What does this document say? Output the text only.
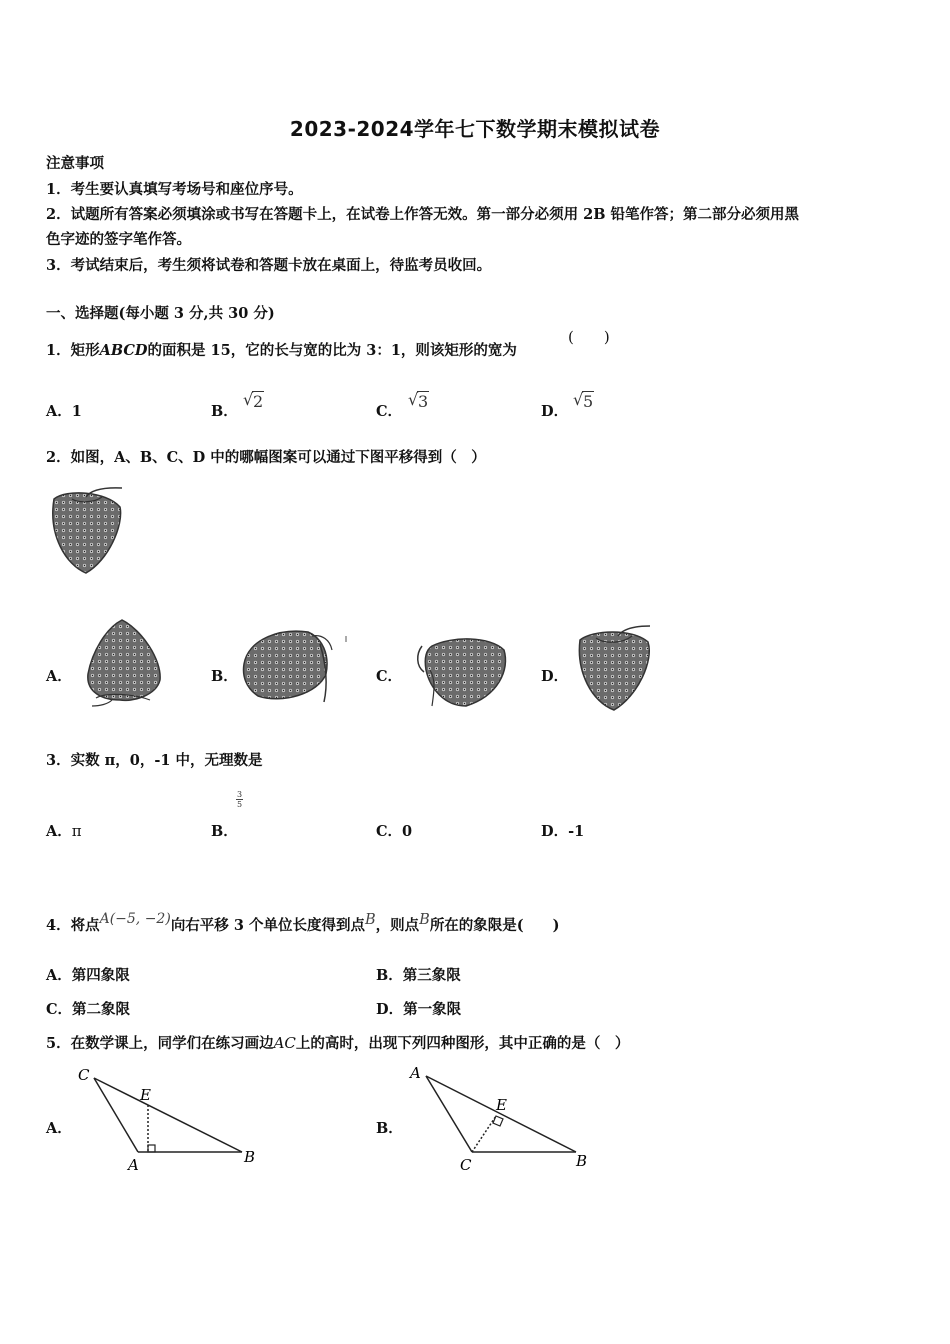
2023-2024学年七下数学期末模拟试卷
注意事项
1．考生要认真填写考场号和座位序号。
2．试题所有答案必须填涂或书写在答题卡上，在试卷上作答无效。第一部分必须用 2B 铅笔作答；第二部分必须用黑
色字迹的签字笔作答。
3．考试结束后，考生须将试卷和答题卡放在桌面上，待监考员收回。
一、选择题(每小题 3 分,共 30 分)
1．矩形ABCD的面积是 15，它的长与宽的比为 3：1，则该矩形的宽为
(　　)
A．1	B．
√ 2
C．
√ 3
D．
√ 5
2．如图，A、B、C、D 中的哪幅图案可以通过下图平移得到（　）
A．	B．	C．	D．
3．实数 π，0，-1 中，无理数是
A．π	B．
$\frac{3}{5}$
C．0	D．-1
4．将点A(−5, −2)向右平移 3 个单位长度得到点B，则点B所在的象限是(　　)
A．第四象限	B．第三象限
C．第二象限	D．第一象限
5．在数学课上，同学们在练习画边AC上的高时，出现下列四种图形，其中正确的是（　）
A．
C
E
A	B
B．
A
E
C	B
